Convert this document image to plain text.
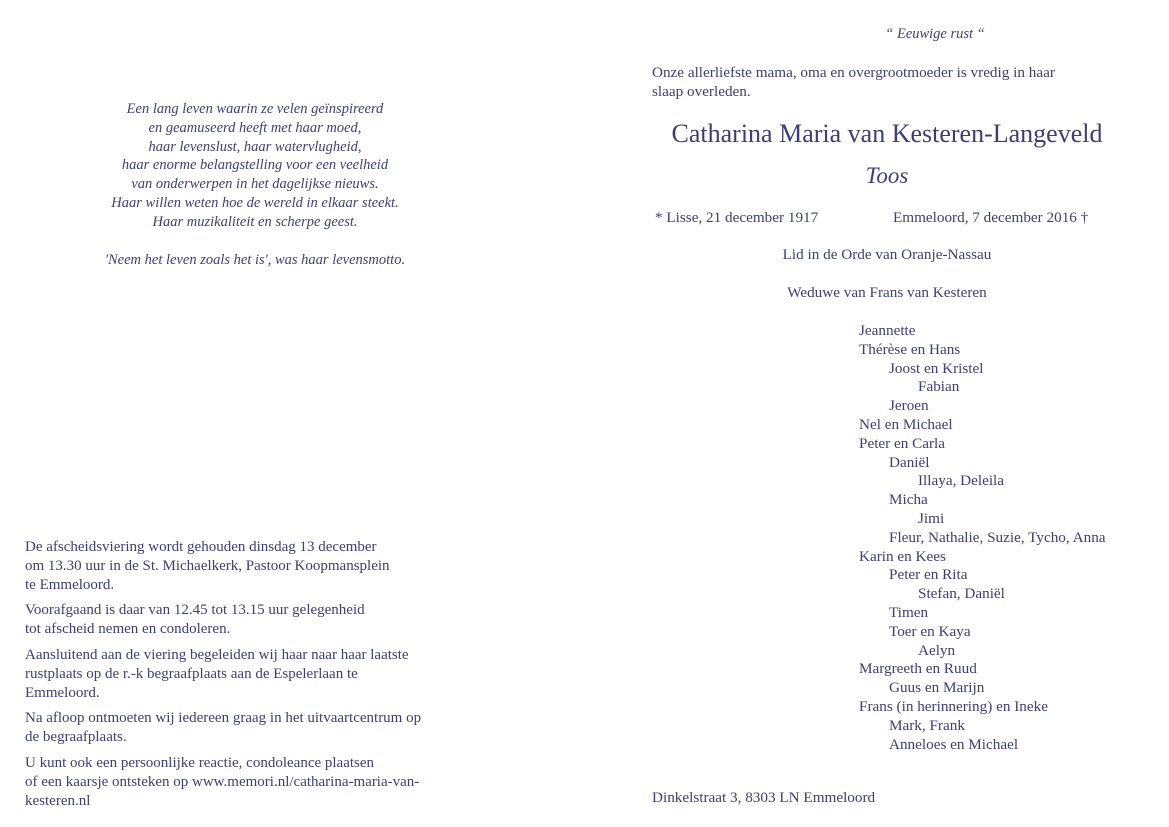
Een lang leven waarin ze velen geïnspireerd
en geamuseerd heeft met haar moed,
haar levenslust, haar watervlugheid,
haar enorme belangstelling voor een veelheid
van onderwerpen in het dagelijkse nieuws.
Haar willen weten hoe de wereld in elkaar steekt.
Haar muzikaliteit en scherpe geest.
'Neem het leven zoals het is', was haar levensmotto.

De afscheidsviering wordt gehouden dinsdag 13 december
om 13.30 uur in de St. Michaelkerk, Pastoor Koopmansplein
te Emmeloord.

Voorafgaand is daar van 12.45 tot 13.15 uur gelegenheid
tot afscheid nemen en condoleren.

Aansluitend aan de viering begeleiden wij haar naar haar laatste
rustplaats op de r.-k begraafplaats aan de Espelerlaan te
Emmeloord.

Na afloop ontmoeten wij iedereen graag in het uitvaartcentrum op
de begraafplaats.

U kunt ook een persoonlijke reactie, condoleance plaatsen
of een kaarsje ontsteken op www.memori.nl/catharina-maria-van-
kesteren.nl

“ Eeuwige rust “
Onze allerliefste mama, oma en overgrootmoeder is vredig in haar
slaap overleden.
Catharina Maria van Kesteren-Langeveld
Toos
* Lisse, 21 december 1917	Emmeloord, 7 december 2016 †
Lid in de Orde van Oranje-Nassau
Weduwe van Frans van Kesteren
Jeannette
Thérèse en Hans
Joost en Kristel
Fabian
Jeroen
Nel en Michael
Peter en Carla
Daniël
Illaya, Deleila
Micha
Jimi
Fleur, Nathalie, Suzie, Tycho, Anna
Karin en Kees
Peter en Rita
Stefan, Daniël
Timen
Toer en Kaya
Aelyn
Margreeth en Ruud
Guus en Marijn
Frans (in herinnering) en Ineke
Mark, Frank
Anneloes en Michael
Dinkelstraat 3, 8303 LN Emmeloord
